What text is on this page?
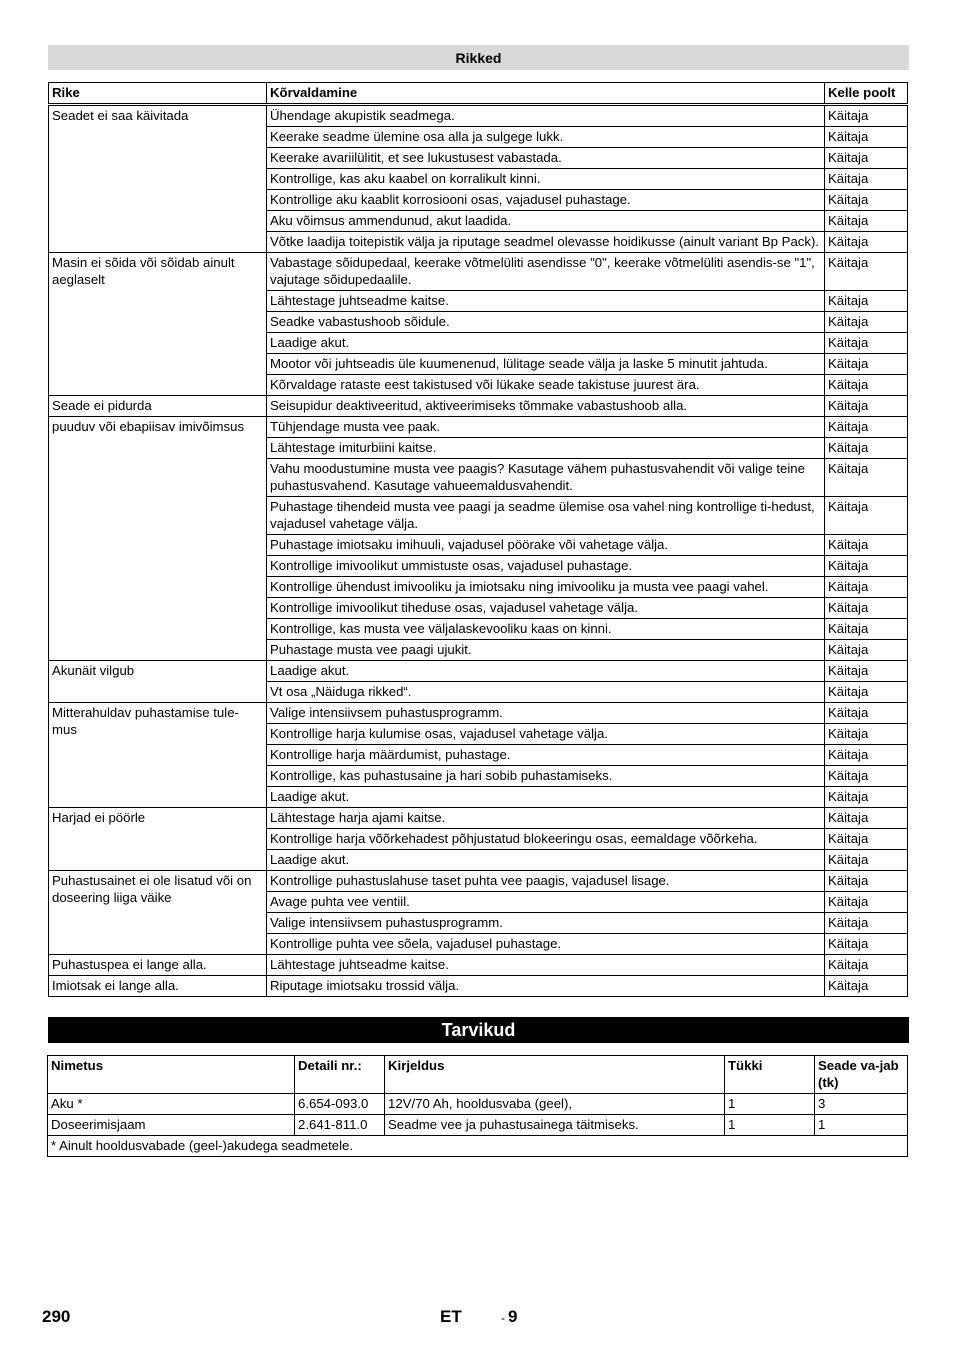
Rikked
Rike	Kõrvaldamine	Kelle poolt
Seadet ei saa käivitada	Ühendage akupistik seadmega.	Käitaja
	Keerake seadme ülemine osa alla ja sulgege lukk.	Käitaja
	Keerake avariilülitit, et see lukustusest vabastada.	Käitaja
	Kontrollige, kas aku kaabel on korralikult kinni.	Käitaja
	Kontrollige aku kaablit korrosiooni osas, vajadusel puhastage.	Käitaja
	Aku võimsus ammendunud, akut laadida.	Käitaja
	Võtke laadija toitepistik välja ja riputage seadmel olevasse hoidikusse (ainult variant Bp Pack).	Käitaja
Masin ei sõida või sõidab ainult aeglaselt	Vabastage sõidupedaal, keerake võtmelüliti asendisse "0", keerake võtmelüliti asendis-se "1", vajutage sõidupedaalile.	Käitaja
	Lähtestage juhtseadme kaitse.	Käitaja
	Seadke vabastushoob sõidule.	Käitaja
	Laadige akut.	Käitaja
	Mootor või juhtseadis üle kuumenenud, lülitage seade välja ja laske 5 minutit jahtuda.	Käitaja
	Kõrvaldage rataste eest takistused või lükake seade takistuse juurest ära.	Käitaja
Seade ei pidurda	Seisupidur deaktiveeritud, aktiveerimiseks tõmmake vabastushoob alla.	Käitaja
puuduv või ebapiisav imivõimsus	Tühjendage musta vee paak.	Käitaja
	Lähtestage imiturbiini kaitse.	Käitaja
	Vahu moodustumine musta vee paagis? Kasutage vähem puhastusvahendit või valige teine puhastusvahend. Kasutage vahueemaldusvahendit.	Käitaja
	Puhastage tihendeid musta vee paagi ja seadme ülemise osa vahel ning kontrollige ti-hedust, vajadusel vahetage välja.	Käitaja
	Puhastage imiotsaku imihuuli, vajadusel pöörake või vahetage välja.	Käitaja
	Kontrollige imivoolikut ummistuste osas, vajadusel puhastage.	Käitaja
	Kontrollige ühendust imivooliku ja imiotsaku ning imivooliku ja musta vee paagi vahel.	Käitaja
	Kontrollige imivoolikut tiheduse osas, vajadusel vahetage välja.	Käitaja
	Kontrollige, kas musta vee väljalaskevooliku kaas on kinni.	Käitaja
	Puhastage musta vee paagi ujukit.	Käitaja
Akunäit vilgub	Laadige akut.	Käitaja
	Vt osa „Näiduga rikked“.	Käitaja
Mitterahuldav puhastamise tule-mus	Valige intensiivsem puhastusprogramm.	Käitaja
	Kontrollige harja kulumise osas, vajadusel vahetage välja.	Käitaja
	Kontrollige harja määrdumist, puhastage.	Käitaja
	Kontrollige, kas puhastusaine ja hari sobib puhastamiseks.	Käitaja
	Laadige akut.	Käitaja
Harjad ei pöörle	Lähtestage harja ajami kaitse.	Käitaja
	Kontrollige harja võõrkehadest põhjustatud blokeeringu osas, eemaldage võõrkeha.	Käitaja
	Laadige akut.	Käitaja
Puhastusainet ei ole lisatud või on doseering liiga väike	Kontrollige puhastuslahuse taset puhta vee paagis, vajadusel lisage.	Käitaja
	Avage puhta vee ventiil.	Käitaja
	Valige intensiivsem puhastusprogramm.	Käitaja
	Kontrollige puhta vee sõela, vajadusel puhastage.	Käitaja
Puhastuspea ei lange alla.	Lähtestage juhtseadme kaitse.	Käitaja
Imiotsak ei lange alla.	Riputage imiotsaku trossid välja.	Käitaja
Tarvikud
Nimetus	Detaili nr.:	Kirjeldus	Tükki	Seade va-jab (tk)
Aku *	6.654-093.0	12V/70 Ah, hooldusvaba (geel),	1	3
Doseerimisjaam	2.641-811.0	Seadme vee ja puhastusainega täitmiseks.	1	1
* Ainult hooldusvabade (geel-)akudega seadmetele.				
290	ET	- 9
